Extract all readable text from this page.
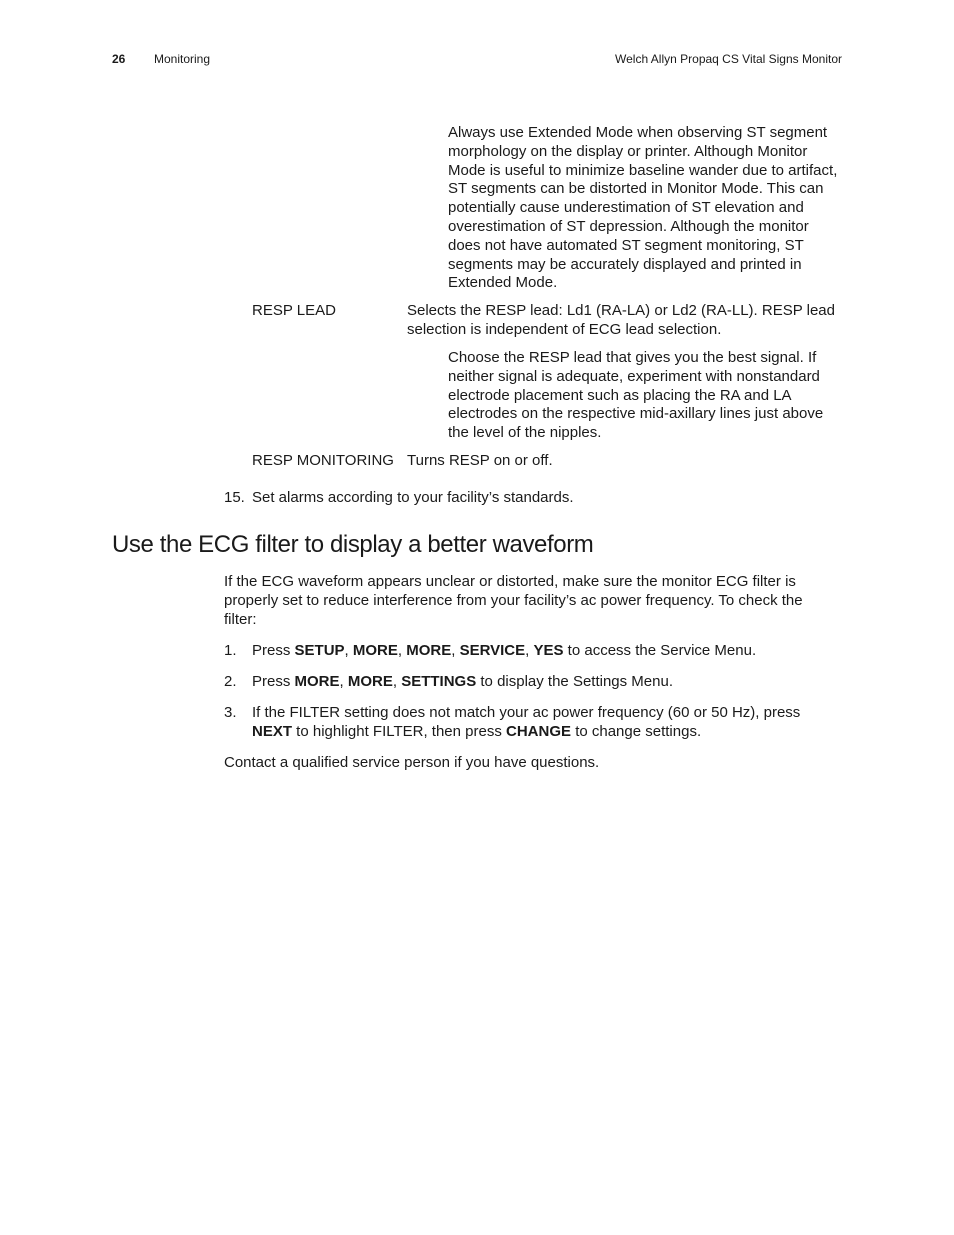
26 Monitoring	Welch Allyn Propaq CS Vital Signs Monitor
Always use Extended Mode when observing ST segment morphology on the display or printer. Although Monitor Mode is useful to minimize baseline wander due to artifact, ST segments can be distorted in Monitor Mode. This can potentially cause underestimation of ST elevation and overestimation of ST depression. Although the monitor does not have automated ST segment monitoring, ST segments may be accurately displayed and printed in Extended Mode.
RESP LEAD	Selects the RESP lead: Ld1 (RA-LA) or Ld2 (RA-LL). RESP lead selection is independent of ECG lead selection.
Choose the RESP lead that gives you the best signal. If neither signal is adequate, experiment with nonstandard electrode placement such as placing the RA and LA electrodes on the respective mid-axillary lines just above the level of the nipples.
RESP MONITORING Turns RESP on or off.
15. Set alarms according to your facility’s standards.
Use the ECG filter to display a better waveform
If the ECG waveform appears unclear or distorted, make sure the monitor ECG filter is properly set to reduce interference from your facility’s ac power frequency. To check the filter:
1. Press SETUP, MORE, MORE, SERVICE, YES to access the Service Menu.
2. Press MORE, MORE, SETTINGS to display the Settings Menu.
3. If the FILTER setting does not match your ac power frequency (60 or 50 Hz), press
NEXT to highlight FILTER, then press CHANGE to change settings.
Contact a qualified service person if you have questions.
